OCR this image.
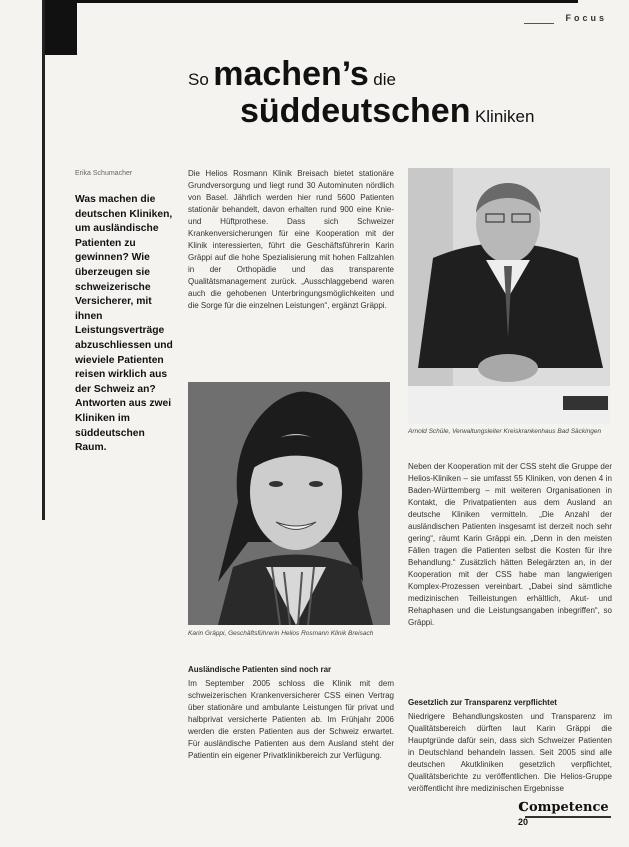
Focus
So machen’s die
süddeutschen Kliniken
Erika Schumacher
Was machen die deutschen Kliniken, um ausländische Patienten zu gewinnen? Wie überzeugen sie schweizerische Versicherer, mit ihnen Leistungsverträge abzuschliessen und wieviele Patienten reisen wirklich aus der Schweiz an? Antworten aus zwei Kliniken im süddeutschen Raum.

Die Helios Rosmann Klinik Breisach bietet stationäre Grundversorgung und liegt rund 30 Autominuten nördlich von Basel. Jährlich werden hier rund 5600 Patienten stationär behandelt, davon erhalten rund 900 eine Knie- und Hüftprothese. Dass sich Schweizer Krankenversicherungen für eine Kooperation mit der Klinik interessierten, führt die Geschäftsführerin Karin Gräppi auf die hohe Spezialisierung mit hohen Fallzahlen in der Orthopädie und das transparente Qualitätsmanagement zurück. „Ausschlaggebend waren auch die gehobenen Unterbringungsmöglichkeiten und die Sorge für die einzelnen Leistungen“, ergänzt Gräppi.

Karin Gräppi, Geschäftsführerin Helios Rosmann Klinik Breisach

Ausländische Patienten sind noch rar

Im September 2005 schloss die Klinik mit dem schweizerischen Krankenversicherer CSS einen Vertrag über stationäre und ambulante Leistungen für privat und halbprivat versicherte Patienten ab. Im Frühjahr 2006 werden die ersten Patienten aus der Schweiz erwartet. Für ausländische Patienten aus dem Ausland steht der Patientin ein eigener Privatklinikbereich zur Verfügung.

Arnold Schüle, Verwaltungsleiter Kreiskrankenhaus Bad Säckingen

Neben der Kooperation mit der CSS steht die Gruppe der Helios-Kliniken – sie umfasst 55 Kliniken, von denen 4 in Baden-Württemberg – mit weiteren Organisationen in Kontakt, die Privatpatienten aus dem Ausland an deutsche Kliniken vermitteln. „Die Anzahl der ausländischen Patienten insgesamt ist derzeit noch sehr gering“, räumt Karin Gräppi ein. „Denn in den meisten Fällen tragen die Patienten selbst die Kosten für ihre Behandlung.“ Zusätzlich hätten Belegärzten an, in der Kooperation mit der CSS habe man langwierigen Komplex-Prozessen vereinbart. „Dabei sind sämtliche medizinischen Teilleistungen erhältlich, Akut- und Rehaphasen und die Leistungsangaben inbegriffen“, so Gräppi.

Gesetzlich zur Transparenz verpflichtet

Niedrigere Behandlungskosten und Transparenz im Qualitätsbereich dürften laut Karin Gräppi die Hauptgründe dafür sein, dass sich Schweizer Patienten in Deutschland behandeln lassen. Seit 2005 sind alle deutschen Akutkliniken gesetzlich verpflichtet, Qualitätsberichte zu veröffentlichen. Die Helios-Gruppe veröffentlicht ihre medizinischen Ergebnisse

competence
20
